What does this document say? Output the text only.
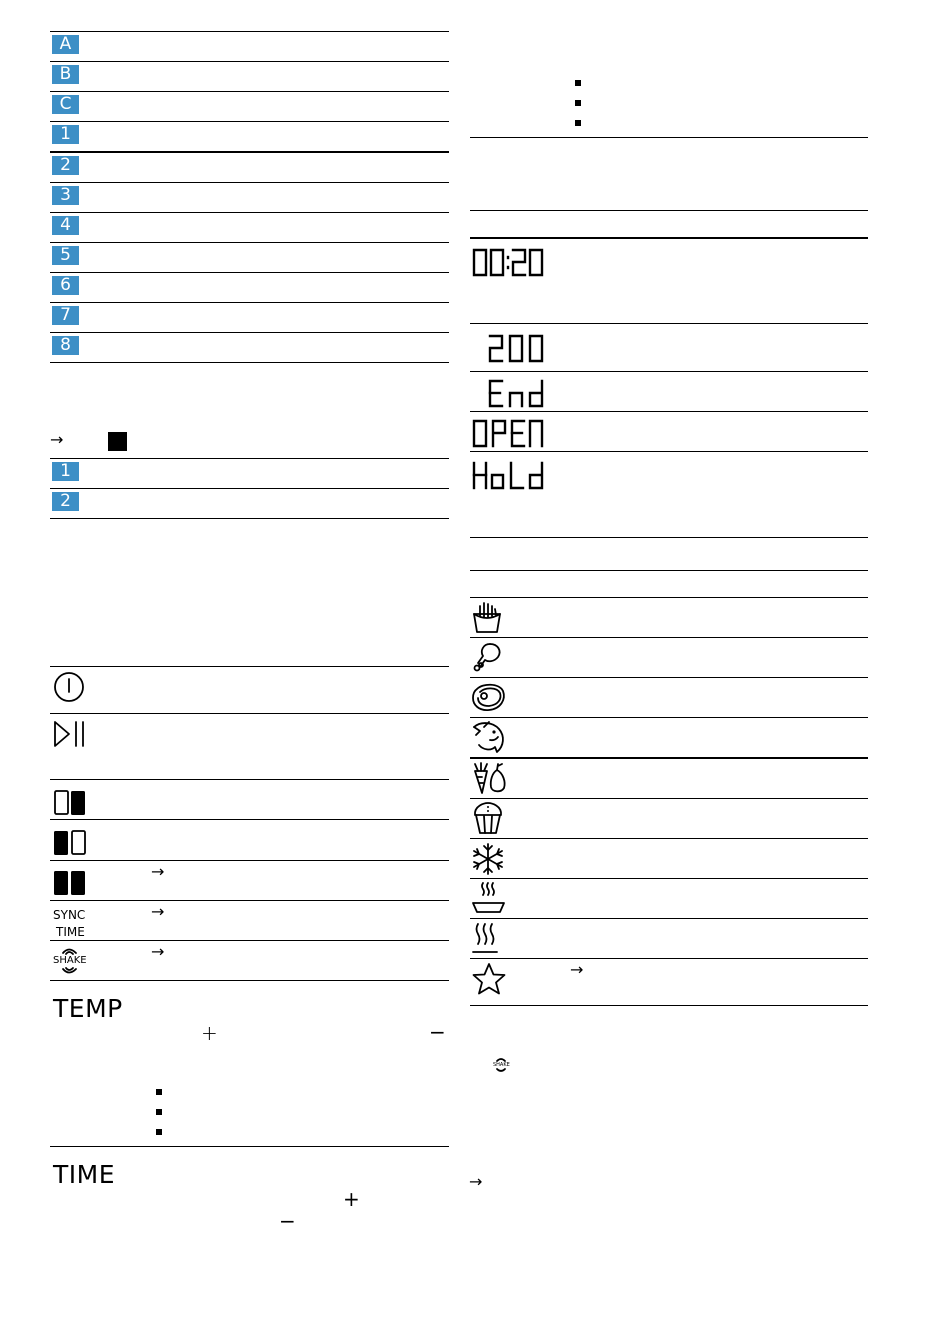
A
B
C
1
2
3
4
5
6
7
8
→
1
2
→
SYNC
TIME
→
SHAKE	→
TEMP
+	−
TIME
+
−
→
SHAKE
→
